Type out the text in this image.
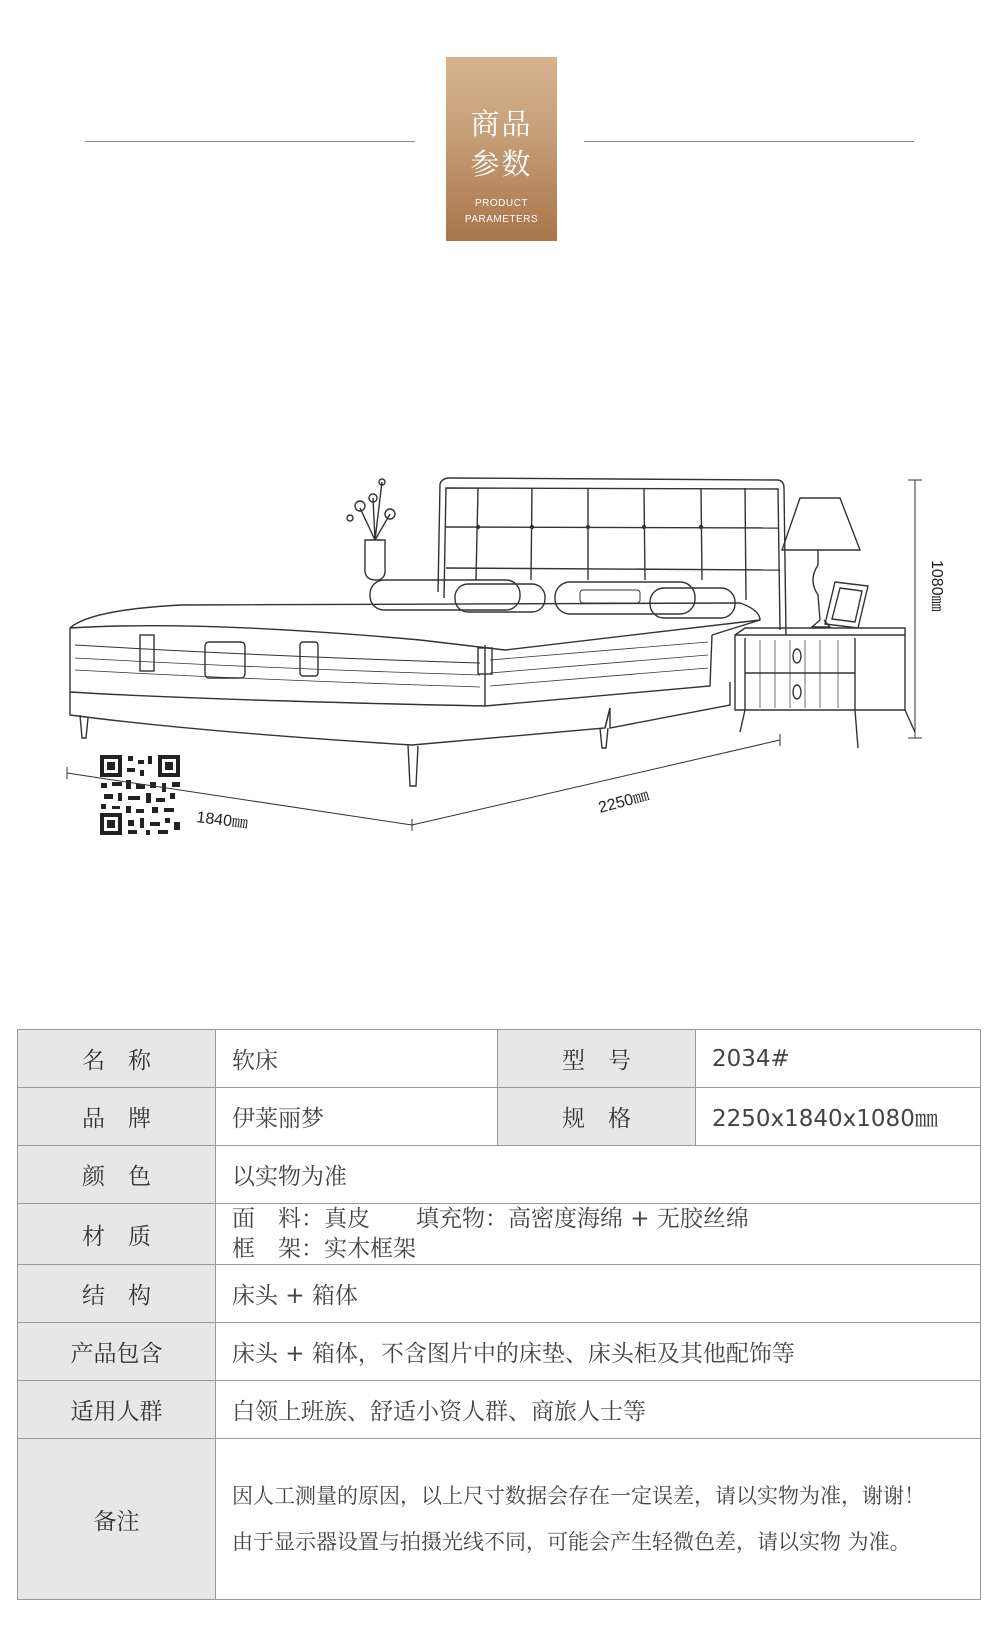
商品
参数
PRODUCT
PARAMETERS
1840㎜
2250㎜
1080㎜
名　称	软床	型　号	2034#
品　牌	伊莱丽梦	规　格	2250x1840x1080㎜
颜　色	以实物为准		
材　质	面　料：真皮　　填充物：高密度海绵 + 无胶丝绵
框　架：实木框架		

结　构	床头 + 箱体		
产品包含	床头 + 箱体，不含图片中的床垫、床头柜及其他配饰等		
适用人群	白领上班族、舒适小资人群、商旅人士等		
备注	因人工测量的原因，以上尺寸数据会存在一定误差，请以实物为准，谢谢！
由于显示器设置与拍摄光线不同，可能会产生轻微色差，请以实物 为准。		
